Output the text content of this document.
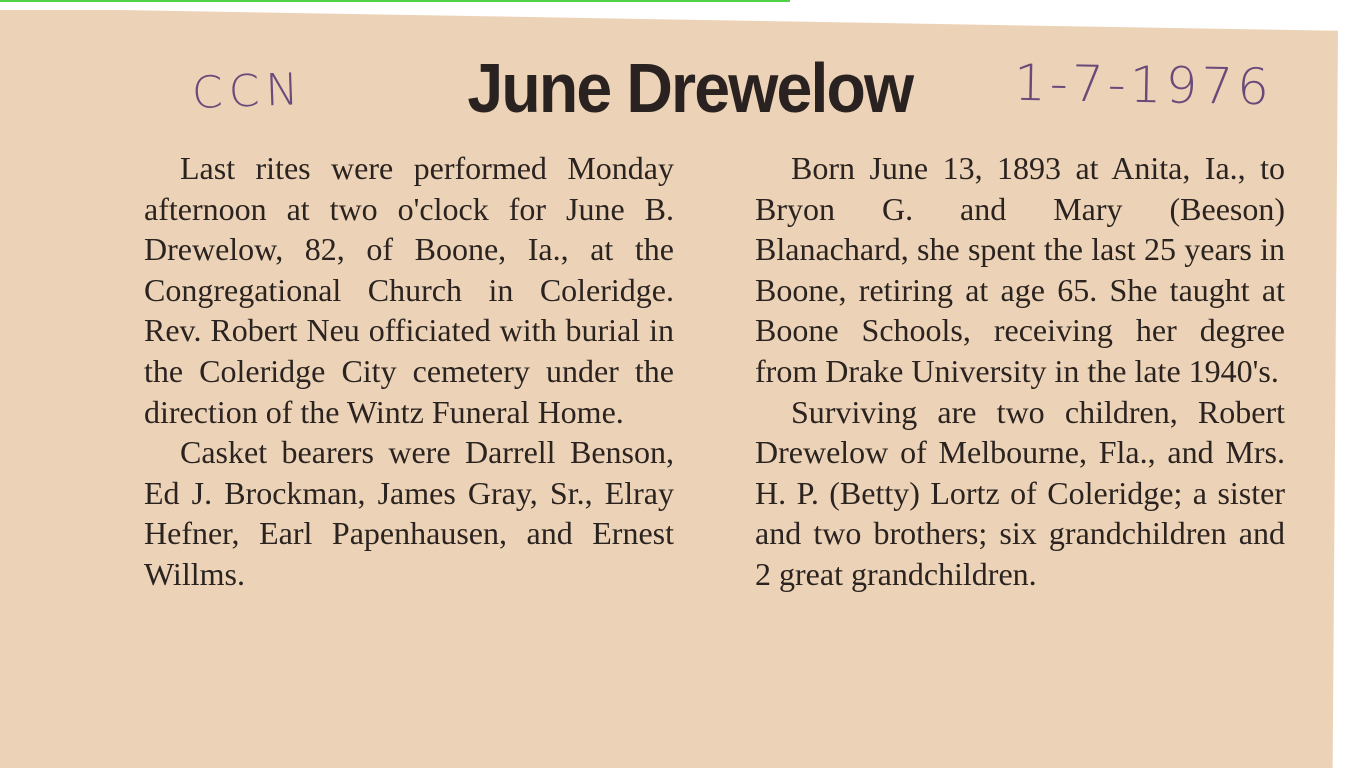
CCN	1-7-1976
June Drewelow

Last rites were performed Monday afternoon at two o'clock for June B. Drewelow, 82, of Boone, Ia., at the Congregational Church in Coleridge. Rev. Robert Neu officiated with burial in the Coleridge City cemetery under the direction of the Wintz Funeral Home.

Casket bearers were Darrell Benson, Ed J. Brockman, James Gray, Sr., Elray Hefner, Earl Papenhausen, and Ernest Willms.

Born June 13, 1893 at Anita, Ia., to Bryon G. and Mary (Beeson) Blanachard, she spent the last 25 years in Boone, retiring at age 65. She taught at Boone Schools, receiving her degree from Drake University in the late 1940's.

Surviving are two children, Robert Drewelow of Melbourne, Fla., and Mrs. H. P. (Betty) Lortz of Coleridge; a sister and two brothers; six grandchildren and 2 great grandchildren.
